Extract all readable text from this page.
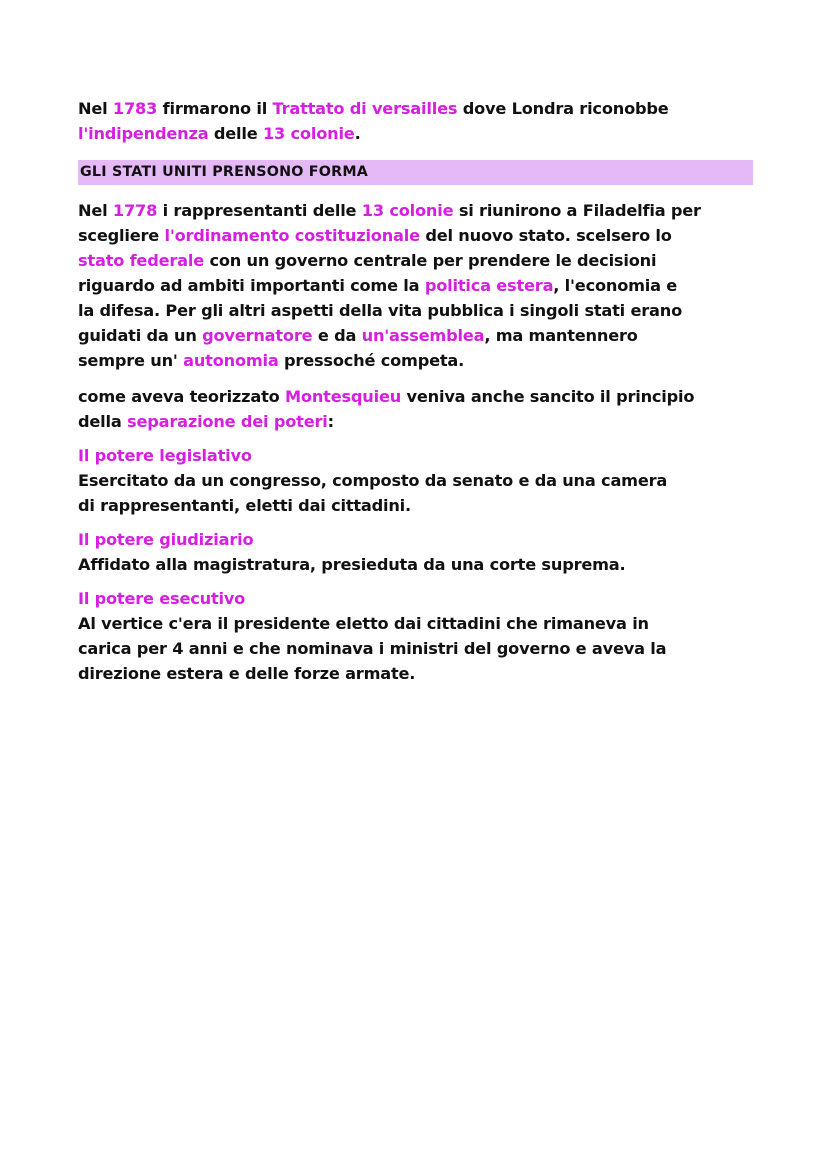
Nel 1783 firmarono il Trattato di versailles dove Londra riconobbe
l'indipendenza delle 13 colonie.

GLI STATI UNITI PRENSONO FORMA

Nel 1778 i rappresentanti delle 13 colonie si riunirono a Filadelfia per
scegliere l'ordinamento costituzionale del nuovo stato. scelsero lo
stato federale con un governo centrale per prendere le decisioni
riguardo ad ambiti importanti come la politica estera, l'economia e
la difesa. Per gli altri aspetti della vita pubblica i singoli stati erano
guidati da un governatore e da un'assemblea, ma mantennero
sempre un' autonomia pressoché competa.

come aveva teorizzato Montesquieu veniva anche sancito il principio
della separazione dei poteri:

Il potere legislativo

Esercitato da un congresso, composto da senato e da una camera
di rappresentanti, eletti dai cittadini.

Il potere giudiziario

Affidato alla magistratura, presieduta da una corte suprema.

Il potere esecutivo

Al vertice c'era il presidente eletto dai cittadini che rimaneva in
carica per 4 anni e che nominava i ministri del governo e aveva la
direzione estera e delle forze armate.
